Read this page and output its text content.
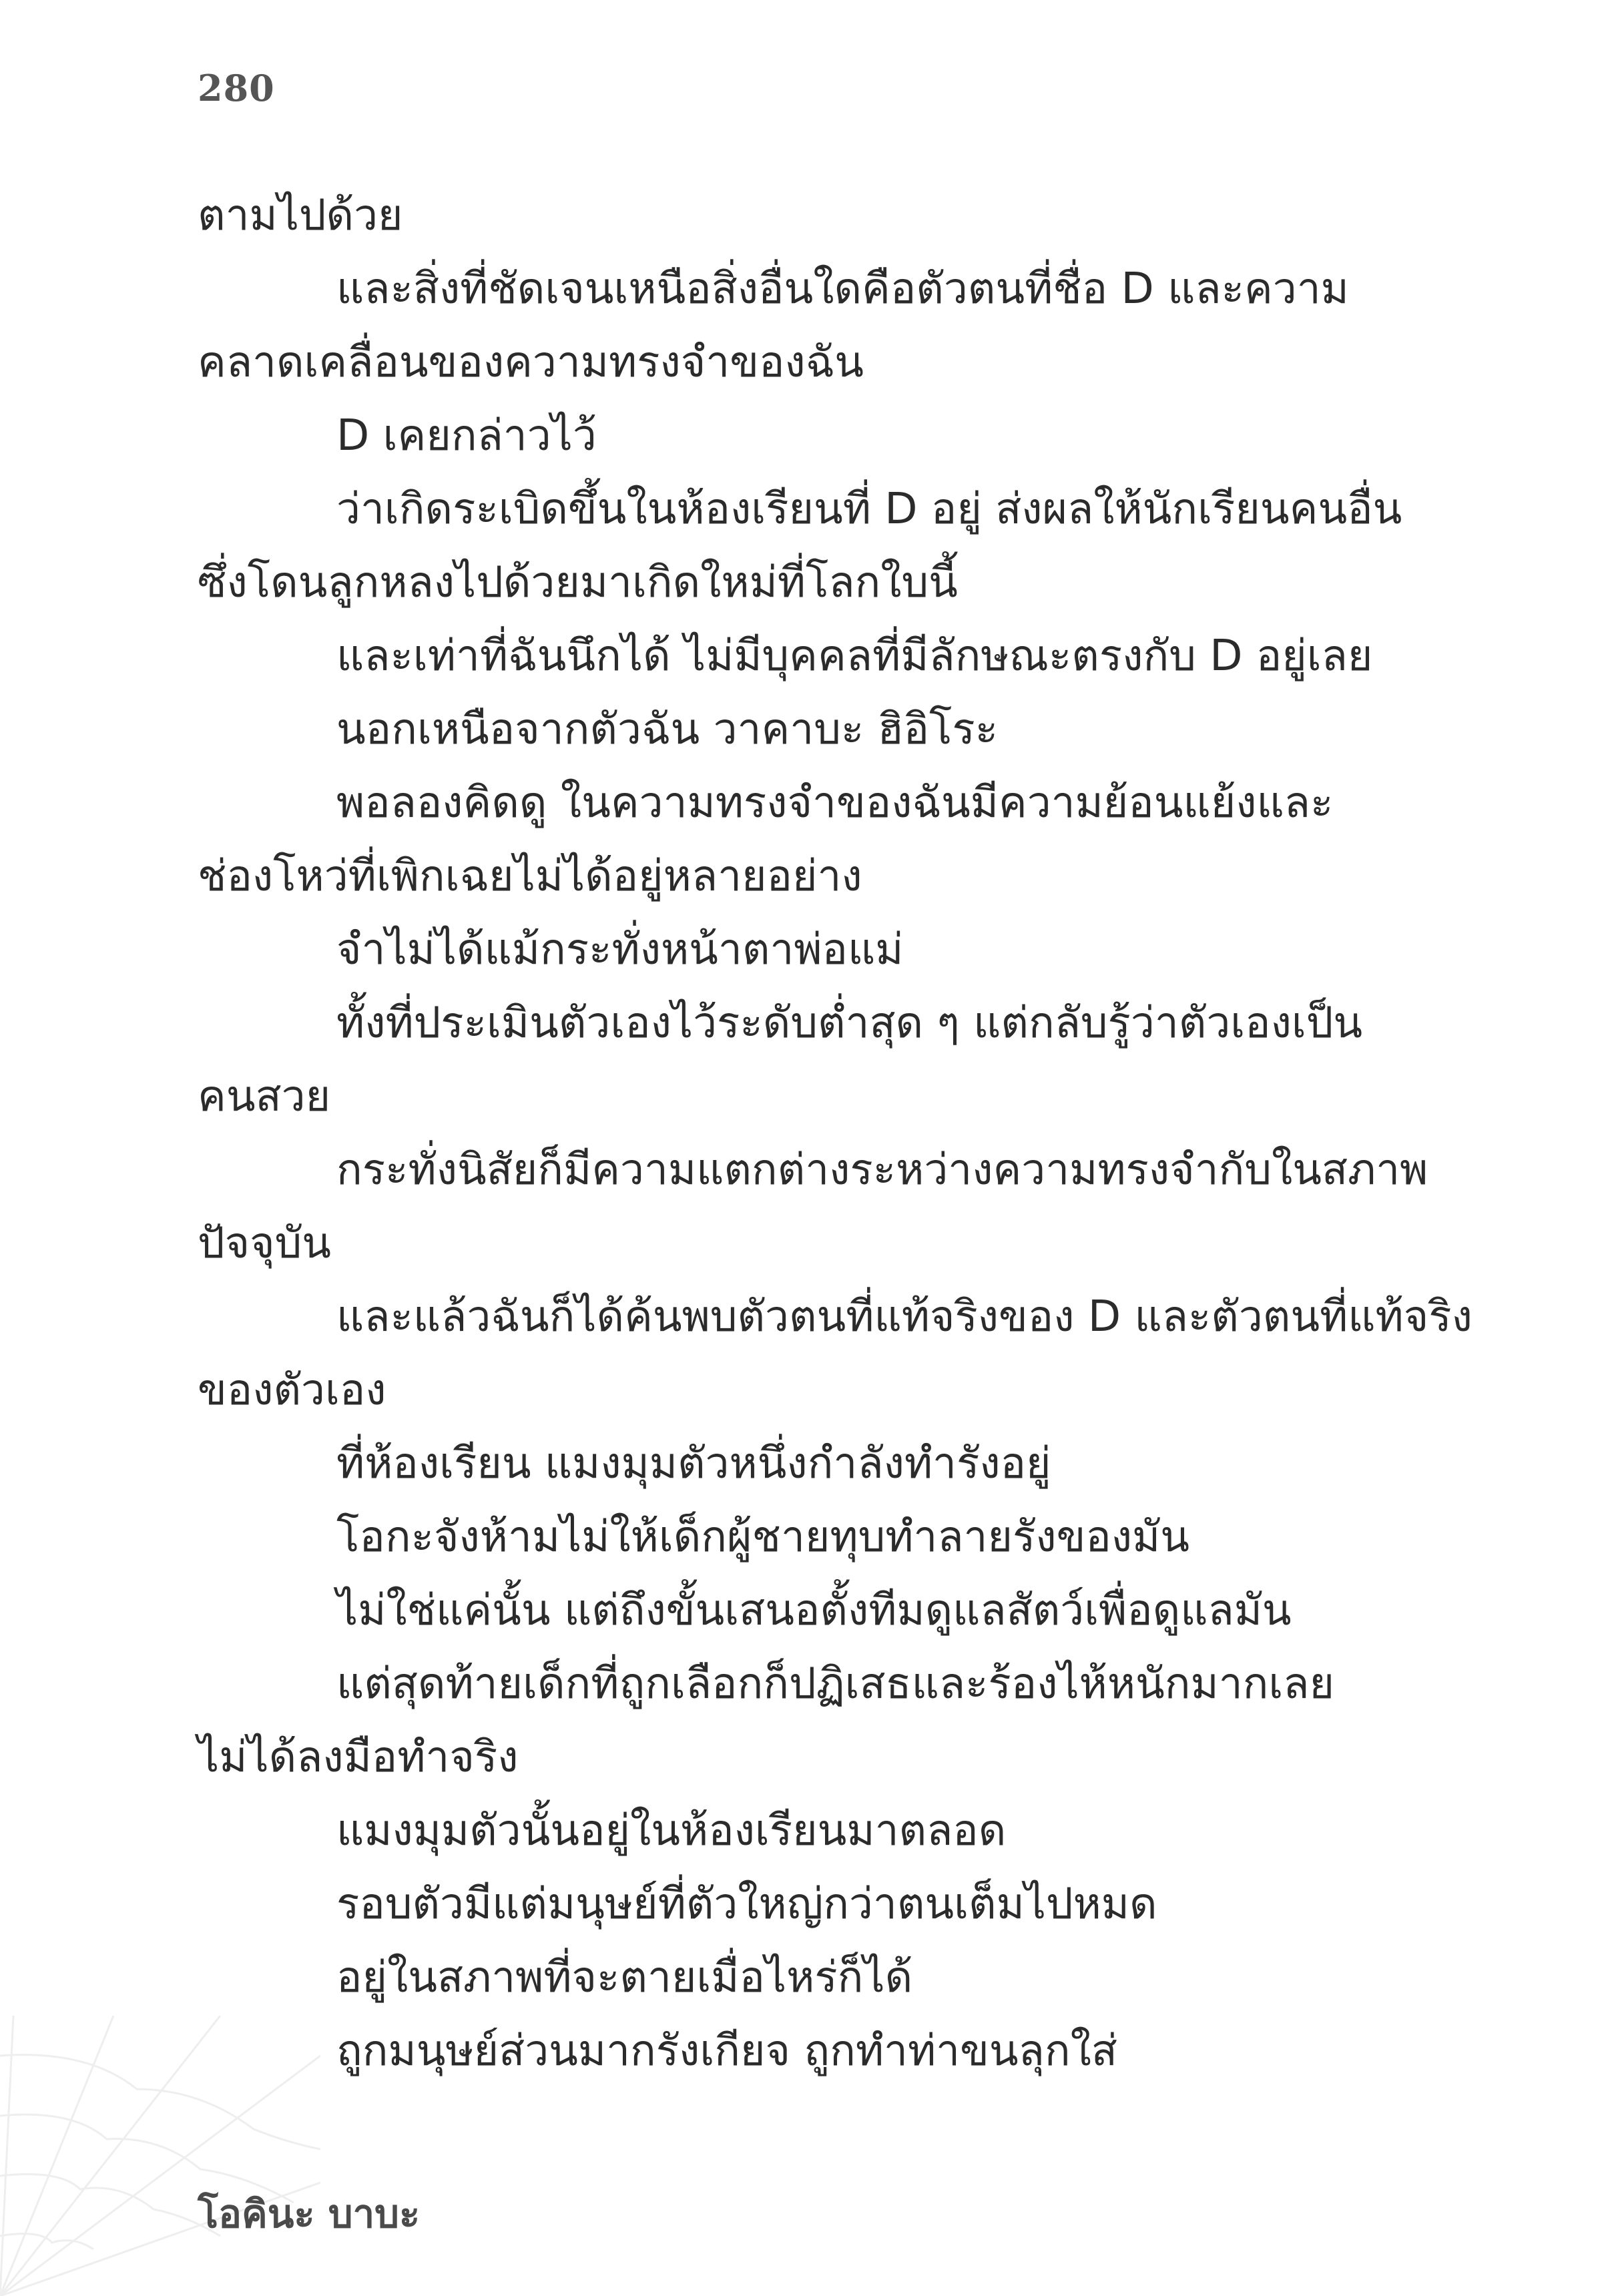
280
ตามไปด้วย
และสิ่งที่ชัดเจนเหนือสิ่งอื่นใดคือตัวตนที่ชื่อ D และความ
คลาดเคลื่อนของความทรงจำของฉัน
D เคยกล่าวไว้
ว่าเกิดระเบิดขึ้นในห้องเรียนที่ D อยู่ ส่งผลให้นักเรียนคนอื่น
ซึ่งโดนลูกหลงไปด้วยมาเกิดใหม่ที่โลกใบนี้
และเท่าที่ฉันนึกได้ ไม่มีบุคคลที่มีลักษณะตรงกับ D อยู่เลย
นอกเหนือจากตัวฉัน วาคาบะ ฮิอิโระ
พอลองคิดดู ในความทรงจำของฉันมีความย้อนแย้งและ
ช่องโหว่ที่เพิกเฉยไม่ได้อยู่หลายอย่าง
จำไม่ได้แม้กระทั่งหน้าตาพ่อแม่
ทั้งที่ประเมินตัวเองไว้ระดับต่ำสุด ๆ แต่กลับรู้ว่าตัวเองเป็น
คนสวย
กระทั่งนิสัยก็มีความแตกต่างระหว่างความทรงจำกับในสภาพ
ปัจจุบัน
และแล้วฉันก็ได้ค้นพบตัวตนที่แท้จริงของ D และตัวตนที่แท้จริง
ของตัวเอง
ที่ห้องเรียน แมงมุมตัวหนึ่งกำลังทำรังอยู่
โอกะจังห้ามไม่ให้เด็กผู้ชายทุบทำลายรังของมัน
ไม่ใช่แค่นั้น แต่ถึงขั้นเสนอตั้งทีมดูแลสัตว์เพื่อดูแลมัน
แต่สุดท้ายเด็กที่ถูกเลือกก็ปฏิเสธและร้องไห้หนักมากเลย
ไม่ได้ลงมือทำจริง
แมงมุมตัวนั้นอยู่ในห้องเรียนมาตลอด
รอบตัวมีแต่มนุษย์ที่ตัวใหญ่กว่าตนเต็มไปหมด
อยู่ในสภาพที่จะตายเมื่อไหร่ก็ได้
ถูกมนุษย์ส่วนมากรังเกียจ ถูกทำท่าขนลุกใส่
โอคินะ บาบะ
